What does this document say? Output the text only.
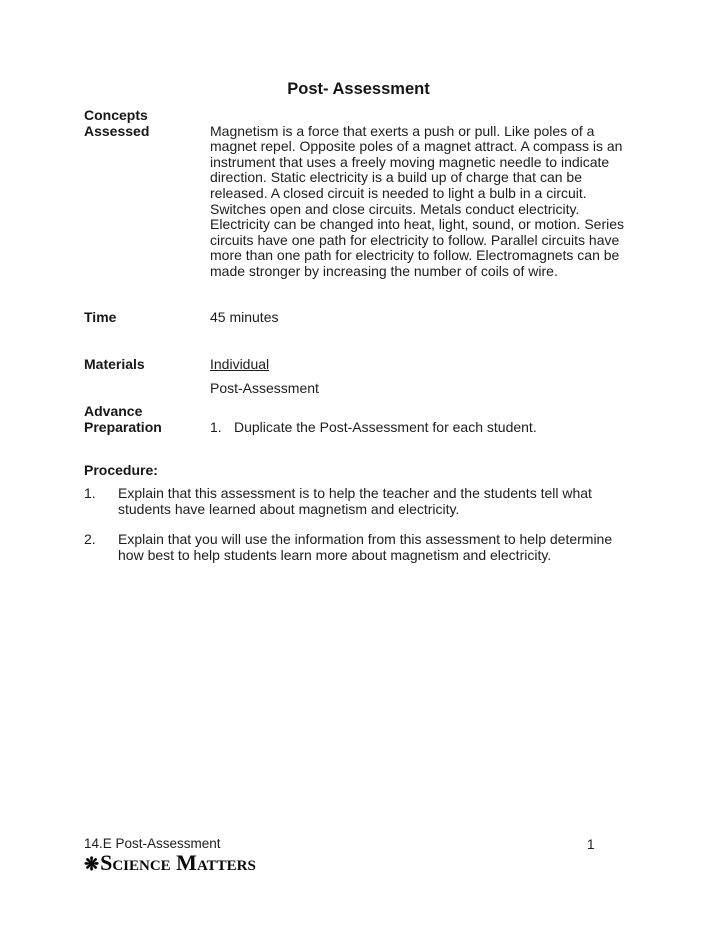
Post- Assessment
Concepts
Assessed	Magnetism is a force that exerts a push or pull. Like poles of a magnet repel. Opposite poles of a magnet attract. A compass is an instrument that uses a freely moving magnetic needle to indicate direction. Static electricity is a build up of charge that can be released. A closed circuit is needed to light a bulb in a circuit. Switches open and close circuits. Metals conduct electricity. Electricity can be changed into heat, light, sound, or motion. Series circuits have one path for electricity to follow. Parallel circuits have more than one path for electricity to follow. Electromagnets can be made stronger by increasing the number of coils of wire.

Time	45 minutes
Materials	Individual
Post-Assessment
Advance
Preparation	1. Duplicate the Post-Assessment for each student.
Procedure:
1.	Explain that this assessment is to help the teacher and the students tell what students have learned about magnetism and electricity.
2.	Explain that you will use the information from this assessment to help determine how best to help students learn more about magnetism and electricity.
14.E Post-Assessment	1
❋Science Matters
